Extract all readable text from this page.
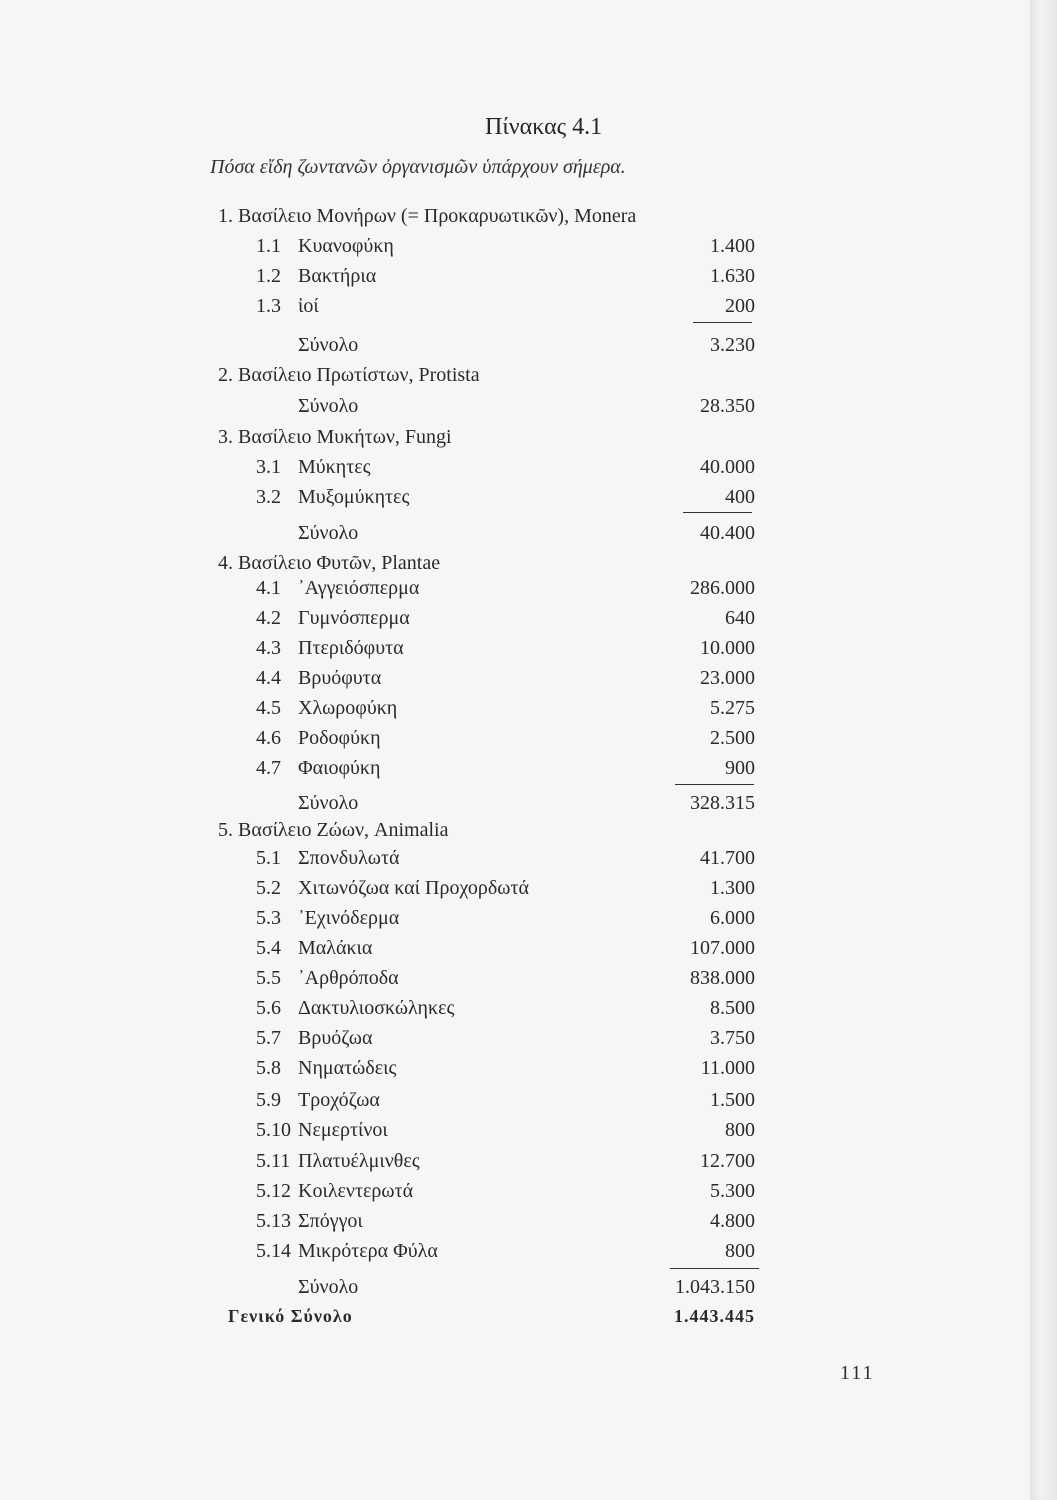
Πίνακας 4.1
Πόσα εἴδη ζωντανῶν ὀργανισμῶν ὑπάρχουν σήμερα.
1. Βασίλειο Μονήρων (= Προκαρυωτικῶν), Monera
1.1 Κυανοφύκη	1.400
1.2 Βακτήρια	1.630
1.3 ἰοί	200
Σύνολο	3.230
2. Βασίλειο Πρωτίστων, Protista
Σύνολο	28.350
3. Βασίλειο Μυκήτων, Fungi
3.1 Μύκητες	40.000
3.2 Μυξομύκητες	400
Σύνολο	40.400
4. Βασίλειο Φυτῶν, Plantae
4.1 ᾿Αγγειόσπερμα	286.000
4.2 Γυμνόσπερμα	640
4.3 Πτεριδόφυτα	10.000
4.4 Βρυόφυτα	23.000
4.5 Χλωροφύκη	5.275
4.6 Ροδοφύκη	2.500
4.7 Φαιοφύκη	900
Σύνολο	328.315
5. Βασίλειο Ζώων, Animalia
5.1 Σπονδυλωτά	41.700
5.2 Χιτωνόζωα καί Προχορδωτά	1.300
5.3 ᾿Εχινόδερμα	6.000
5.4 Μαλάκια	107.000
5.5 ᾿Αρθρόποδα	838.000
5.6 Δακτυλιοσκώληκες	8.500
5.7 Βρυόζωα	3.750
5.8 Νηματώδεις	11.000
5.9 Τροχόζωα	1.500
5.10 Νεμερτίνοι	800
5.11 Πλατυέλμινθες	12.700
5.12 Κοιλεντερωτά	5.300
5.13 Σπόγγοι	4.800
5.14 Μικρότερα Φύλα	800
Σύνολο	1.043.150
Γενικό Σύνολο	1.443.445
111
